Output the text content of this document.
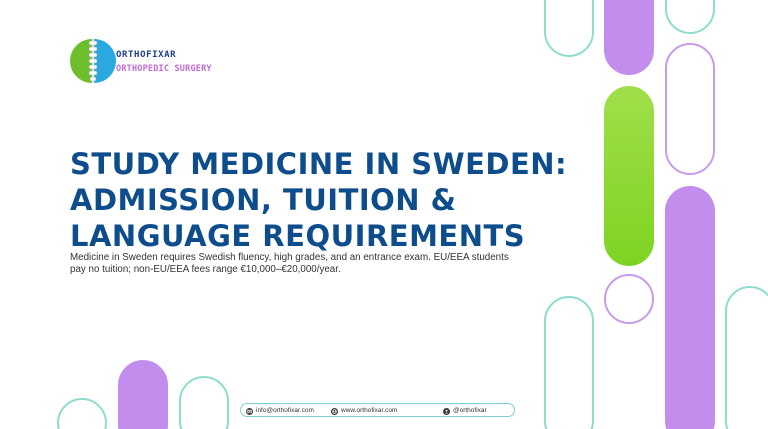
ORTHOFIXAR
ORTHOPEDIC SURGERY
STUDY MEDICINE IN SWEDEN:
ADMISSION, TUITION &
LANGUAGE REQUIREMENTS

Medicine in Sweden requires Swedish fluency, high grades, and an entrance exam. EU/EEA students
pay no tuition; non-EU/EEA fees range €10,000–€20,000/year.

info@orthofixar.com	www.orthofixar.com	@orthofixar
